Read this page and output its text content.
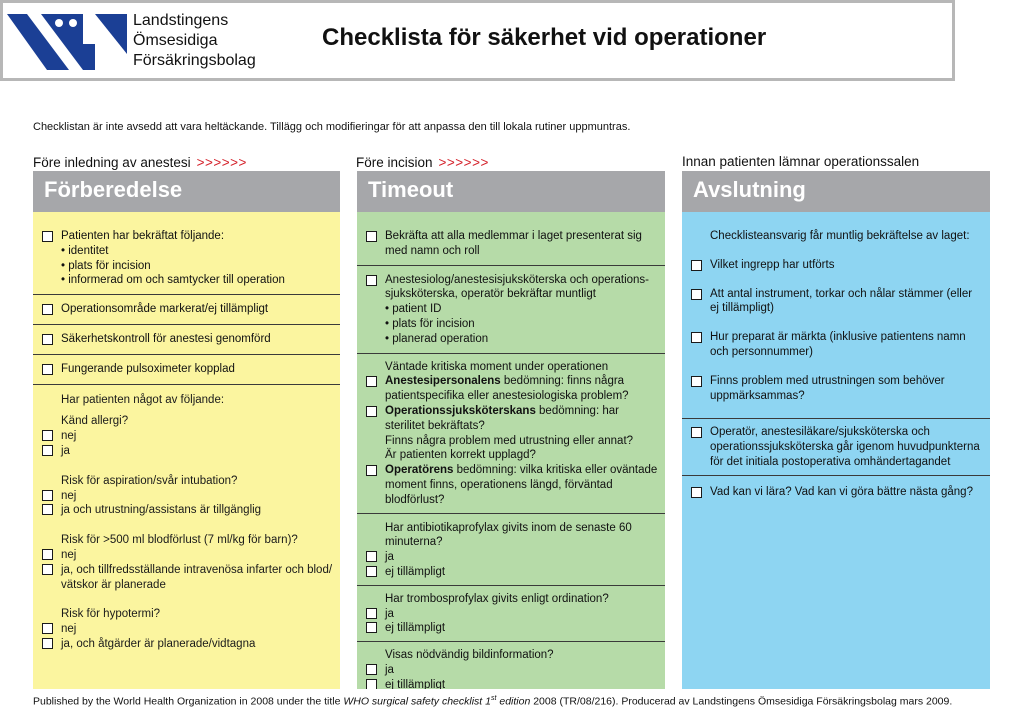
Landstingens
Ömsesidiga
Försäkringsbolag
Checklista för säkerhet vid operationer
Checklistan är inte avsedd att vara heltäckande. Tillägg och modifieringar för att anpassa den till lokala rutiner uppmuntras.
Före inledning av anestesi >>>>>>	Före incision >>>>>>	Innan patienten lämnar operationssalen
Förberedelse
Patienten har bekräftat följande:
• identitet
• plats för incision
• informerad om och samtycker till operation
Operationsområde markerat/ej tillämpligt
Säkerhetskontroll för anestesi genomförd
Fungerande pulsoximeter kopplad
Har patienten något av följande:
Känd allergi?
nej
ja
Risk för aspiration/svår intubation?
nej
ja och utrustning/assistans är tillgänglig
Risk för >500 ml blodförlust (7 ml/kg för barn)?
nej
ja, och tillfredsställande intravenösa infarter och blod/
vätskor är planerade
Risk för hypotermi?
nej
ja, och åtgärder är planerade/vidtagna
Timeout
Bekräfta att alla medlemmar i laget presenterat sig
med namn och roll
Anestesiolog/anestesisjuksköterska och operations-
sjuksköterska, operatör bekräftar muntligt
• patient ID
• plats för incision
• planerad operation
Väntade kritiska moment under operationen
Anestesipersonalens bedömning: finns några
patientspecifika eller anestesiologiska problem?
Operationssjuksköterskans bedömning: har
sterilitet bekräftats?
Finns några problem med utrustning eller annat?
Är patienten korrekt upplagd?
Operatörens bedömning: vilka kritiska eller oväntade
moment finns, operationens längd, förväntad
blodförlust?
Har antibiotikaprofylax givits inom de senaste 60
minuterna?
ja
ej tillämpligt
Har trombosprofylax givits enligt ordination?
ja
ej tillämpligt
Visas nödvändig bildinformation?
ja
ej tillämpligt
Avslutning
Checklisteansvarig får muntlig bekräftelse av laget:
Vilket ingrepp har utförts
Att antal instrument, torkar och nålar stämmer (eller
ej tillämpligt)
Hur preparat är märkta (inklusive patientens namn
och personnummer)
Finns problem med utrustningen som behöver
uppmärksammas?
Operatör, anestesiläkare/sjuksköterska och
operationssjuksköterska går igenom huvudpunkterna
för det initiala postoperativa omhändertagandet
Vad kan vi lära? Vad kan vi göra bättre nästa gång?
Published by the World Health Organization in 2008 under the title WHO surgical safety checklist 1st edition 2008 (TR/08/216). Producerad av Landstingens Ömsesidiga Försäkringsbolag mars 2009.
